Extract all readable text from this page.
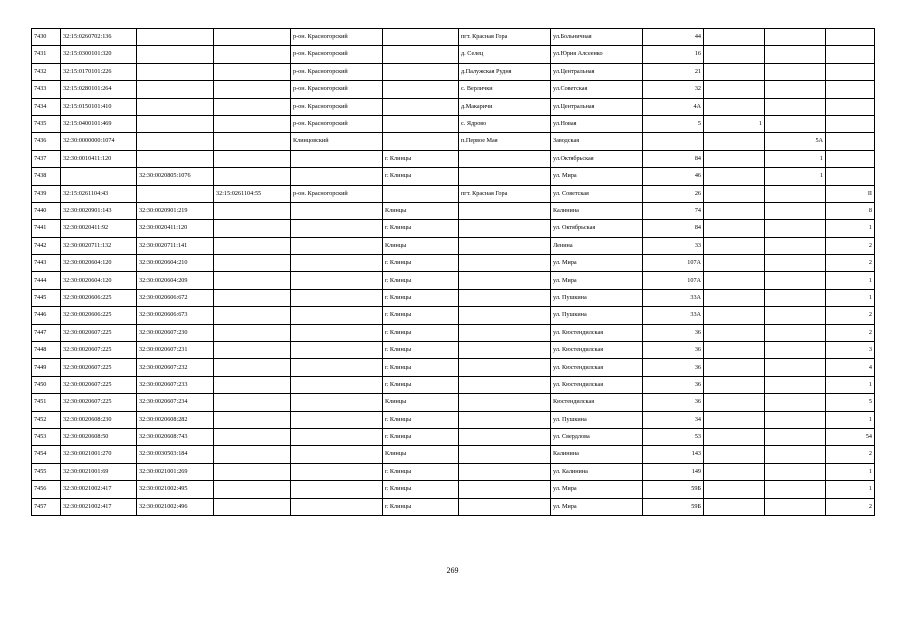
7430	32:15:0260702:136			р-он. Красногорский		пгт. Красная Гора	ул.Больничная	44			
7431	32:15:0300101:320			р-он. Красногорский		д. Селец	ул.Юрия Алсеенко	16			
7432	32:15:0170101:226			р-он. Красногорский		д.Палужская Рудня	ул.Центральная	21			
7433	32:15:0280101:264			р-он. Красногорский		с. Верлички	ул.Советская	32			
7434	32:15:0150101:410			р-он. Красногорский		д.Макаричи	ул.Центральная	4А			
7435	32:15:0400101:469			р-он. Красногорский		с. Ядрово	ул.Новая	5	1		
7436	32:30:0000000:1074			Клинцовский		п.Первое Мая	Заводская			5А	
7437	32:30:0010411:120				г. Клинцы		ул.Октябрьская	84		1	
7438		32:30:0020805:1076			г. Клинцы		ул. Мира	46		1	
7439	32:15:0261104:43		32:15:0261104:55	р-он. Красногорский		пгт. Красная Гора	ул. Советская	26			II
7440	32:30:0020901:143	32:30:0020901:219			Клинцы		Калинина	74			8
7441	32:30:0020411:92	32:30:0020411:120			г. Клинцы		ул. Октябрьская	84			1
7442	32:30:0020711:132	32:30:0020711:141			Клинцы		Ленина	33			2
7443	32:30:0020604:120	32:30:0020604:210			г. Клинцы		ул. Мира	107А			2
7444	32:30:0020604:120	32:30:0020604:209			г. Клинцы		ул. Мира	107А			1
7445	32:30:0020606:225	32:30:0020606:672			г. Клинцы		ул. Пушкина	33А			1
7446	32:30:0020606:225	32:30:0020606:673			г. Клинцы		ул. Пушкина	33А			2
7447	32:30:0020607:225	32:30:0020607:230			г. Клинцы		ул. Кюстендилская	36			2
7448	32:30:0020607:225	32:30:0020607:231			г. Клинцы		ул. Кюстендилская	36			3
7449	32:30:0020607:225	32:30:0020607:232			г. Клинцы		ул. Кюстендилская	36			4
7450	32:30:0020607:225	32:30:0020607:233			г. Клинцы		ул. Кюстендилская	36			1
7451	32:30:0020607:225	32:30:0020607:234			Клинцы		Кюстендилская	36			5
7452	32:30:0020608:230	32:30:0020608:282			г. Клинцы		ул. Пушкина	34			1
7453	32:30:0020608:50	32:30:0020608:743			г. Клинцы		ул. Свердлова	53			54
7454	32:30:0021001:270	32:30:0030503:184			Клинцы		Калинина	143			2
7455	32:30:0021001:69	32:30:0021001:269			г. Клинцы		ул. Калинина	149			1
7456	32:30:0021002:417	32:30:0021002:495			г. Клинцы		ул. Мира	59Б			1
7457	32:30:0021002:417	32:30:0021002:496			г. Клинцы		ул. Мира	59Б			2
269
